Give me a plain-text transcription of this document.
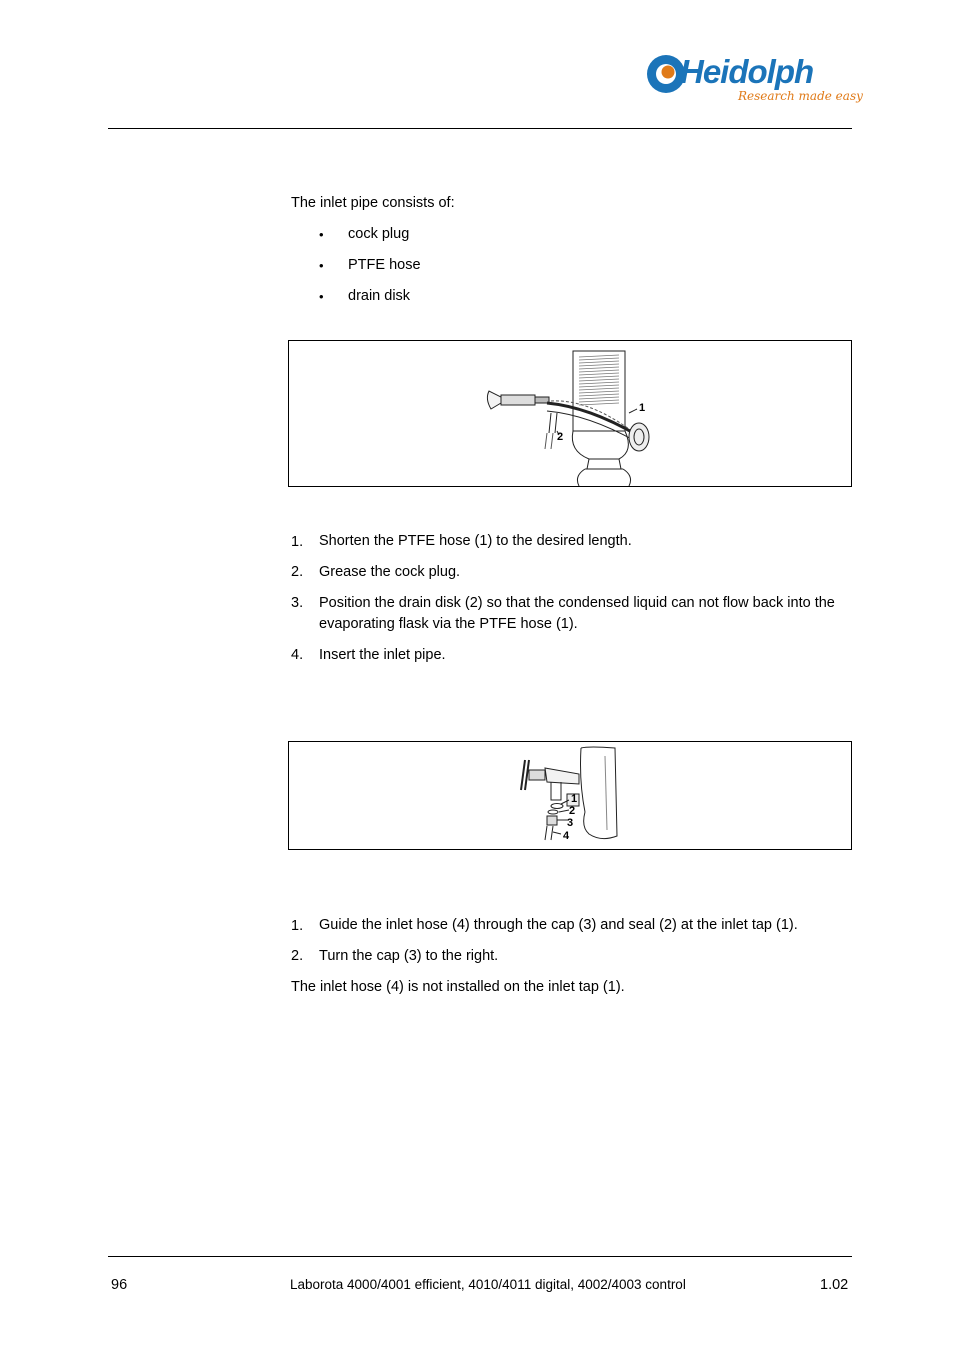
Heidolph
Research made easy
The inlet pipe consists of:
• cock plug
• PTFE hose
• drain disk
1
2
1. Shorten the PTFE hose (1) to the desired length.
2. Grease the cock plug.
3. Position the drain disk (2) so that the condensed liquid can not flow back into the evaporating flask via the PTFE hose (1).
4. Insert the inlet pipe.
1
2
3
4
1. Guide the inlet hose (4) through the cap (3) and seal (2) at the inlet tap (1).
2. Turn the cap (3) to the right.
The inlet hose (4) is not installed on the inlet tap (1).
96	Laborota 4000/4001 efficient, 4010/4011 digital, 4002/4003 control	1.02
